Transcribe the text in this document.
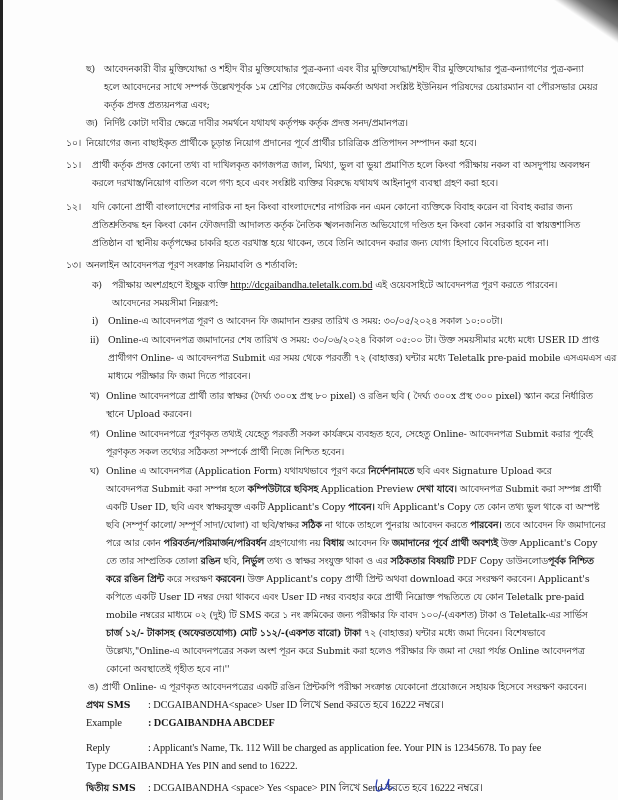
ছ) আবেদনকারী বীর মুক্তিযোদ্ধা ও শহীদ বীর মুক্তিযোদ্ধার পুত্র-কন্যা এবং বীর মুক্তিযোদ্ধা/শহীদ বীর মুক্তিযোদ্ধার পুত্র-কন্যাগণের পুত্র-কন্যা
হলে আবেদনের সাথে সম্পর্ক উল্লেখপূর্বক ১ম শ্রেণির গেজেটেড কর্মকর্তা অথবা সংশ্লিষ্ট ইউনিয়ন পরিষদের চেয়ারম্যান বা পৌরসভার মেয়র
কর্তৃক প্রদত্ত প্রত্যয়নপত্র এবং;
জ) নির্দিষ্ট কোটা দাবীর ক্ষেত্রে দাবীর সমর্থনে যথাযথ কর্তৃপক্ষ কর্তৃক প্রদত্ত সনদ/প্রমানপত্র।
১০। নিয়োগের জন্য বাছাইকৃত প্রার্থীকে চূড়ান্ত নিয়োগ প্রদানের পূর্বে প্রার্থীর চারিত্রিক প্রতিপাদন সম্পাদন করা হবে।
১১। প্রার্থী কর্তৃক প্রদত্ত কোনো তথ্য বা দাখিলকৃত কাগজপত্র জাল, মিথ্যা, ভুল বা ভুয়া প্রমাণিত হলে কিংবা পরীক্ষায় নকল বা অসদুপায় অবলম্বন
করলে দরখাস্ত/নিয়োগ বাতিল বলে গণ্য হবে এবং সংশ্লিষ্ট ব্যক্তির বিরুদ্ধে যথাযথ আইনানুগ ব্যবস্থা গ্রহণ করা হবে।
১২। যদি কোনো প্রার্থী বাংলাদেশের নাগরিক না হন কিংবা বাংলাদেশের নাগরিক নন এমন কোনো ব্যক্তিকে বিবাহ করেন বা বিবাহ করার জন্য
প্রতিশ্রুতিবদ্ধ হন কিংবা কোন ফৌজদারী আদালত কর্তৃক নৈতিক স্খলনজনিত অভিযোগে দণ্ডিত হন কিংবা কোন সরকারি বা স্বায়ত্তশাসিত
প্রতিষ্ঠান বা স্থানীয় কর্তৃপক্ষের চাকরি হতে বরখাস্ত হয়ে থাকেন, তবে তিনি আবেদন করার জন্য যোগ্য হিসাবে বিবেচিত হবেন না।
১৩। অনলাইন আবেদনপত্র পূরণ সংক্রান্ত নিয়মাবলি ও শর্তাবলি:
ক) পরীক্ষায় অংশগ্রহণে ইচ্ছুক ব্যক্তি http://dcgaibandha.teletalk.com.bd এই ওয়েবসাইটে আবেদনপত্র পূরণ করতে পারবেন।
আবেদনের সময়সীমা নিম্নরূপ:
i) Online-এ আবেদনপত্র পূরণ ও আবেদন ফি জমাদান শুরুর তারিখ ও সময়: ৩০/০৫/২০২৪ সকাল ১০:০০টা।
ii) Online-এ আবেদনপত্র জমাদানের শেষ তারিখ ও সময়: ৩০/০৬/২০২৪ বিকাল ০৫:০০ টা। উক্ত সময়সীমার মধ্যে মধ্যে USER ID প্রাপ্ত
প্রার্থীগণ Online- এ আবেদনপত্র Submit এর সময় থেকে পরবর্তী ৭২ (বাহাত্তর) ঘন্টার মধ্যে Teletalk pre-paid mobile এসএমএস এর
মাধ্যমে পরীক্ষার ফি জমা দিতে পারবেন।
খ) Online আবেদনপত্রে প্রার্থী তার স্বাক্ষর (দৈর্ঘ্য ৩০০x প্রস্থ ৮০ pixel) ও রঙিন ছবি ( দৈর্ঘ্য ৩০০x প্রস্থ ৩০০ pixel) স্ক্যান করে নির্ধারিত
স্থানে Upload করবেন।
গ) Online আবেদনপত্রে পূরণকৃত তথ্যই যেহেতু পরবর্তী সকল কার্যক্রমে ব্যবহৃত হবে, সেহেতু Online- আবেদনপত্র Submit করার পূর্বেই
পূরণকৃত সকল তথ্যের সঠিকতা সম্পর্কে প্রার্থী নিজে নিশ্চিত হবেন।
ঘ) Online এ আবেদনপত্র (Application Form) যথাযথভাবে পূরণ করে নির্দেশনামতে ছবি এবং Signature Upload করে
আবেদনপত্র Submit করা সম্পন্ন হলে কম্পিউটারে ছবিসহ Application Preview দেখা যাবে। আবেদনপত্র Submit করা সম্পন্ন প্রার্থী
একটি User ID, ছবি এবং স্বাক্ষরযুক্ত একটি Applicant's Copy পাবেন। যদি Applicant's Copy তে কোন তথ্য ভুল থাকে বা অস্পষ্ট
ছবি (সম্পূর্ণ কালো/ সম্পূর্ণ সাদা/ঘোলা) বা ছবি/স্বাক্ষর সঠিক না থাকে তাহলে পুনরায় আবেদন করতে পারবেন। তবে আবেদন ফি জমাদানের
পরে আর কোন পরিবর্তন/পরিমার্জন/পরিবর্ধন গ্রহণযোগ্য নয় বিধায় আবেদন ফি জমাদানের পূর্বে প্রার্থী অবশ্যই উক্ত Applicant's Copy
তে তার সাম্প্রতিক তোলা রঙিন ছবি, নির্ভুল তথ্য ও স্বাক্ষর সংযুক্ত থাকা ও এর সঠিকতার বিষয়টি PDF Copy ডাউনলোডপূর্বক নিশ্চিত
করে রঙিন প্রিন্ট করে সংরক্ষণ করবেন। উক্ত Applicant's copy প্রার্থী প্রিন্ট অথবা download করে সংরক্ষণ করবেন। Applicant's
কপিতে একটি User ID নম্বর দেয়া থাকবে এবং User ID নম্বর ব্যবহার করে প্রার্থী নিম্নোক্ত পদ্ধতিতে যে কোন Teletalk pre-paid
mobile নম্বরের মাধ্যমে ০২ (দুই) টি SMS করে ১ নং ক্রমিকের জন্য পরীক্ষার ফি বাবদ ১০০/-(একশত) টাকা ও Teletalk-এর সার্ভিস
চার্জ ১২/- টাকাসহ (অফেরতযোগ্য) মোট ১১২/-(একশত বারো) টাকা ৭২ (বাহাত্তর) ঘন্টার মধ্যে জমা দিবেন। বিশেষভাবে
উল্লেখ্য,"Online-এ আবেদনপত্রের সকল অংশ পূরন করে Submit করা হলেও পরীক্ষার ফি জমা না দেয়া পর্যন্ত Online আবেদনপত্র
কোনো অবস্থাতেই গৃহীত হবে না।''
ঙ) প্রার্থী Online- এ পূরণকৃত আবেদনপত্রের একটি রঙিন প্রিন্টকপি পরীক্ষা সংক্রান্ত যেকোনো প্রয়োজনে সহায়ক হিসেবে সংরক্ষণ করবেন।
প্রথম SMS : DCGAIBANDHA<space> User ID লিখে Send করতে হবে 16222 নম্বরে।
Example	: DCGAIBANDHA ABCDEF
Reply	: Applicant's Name, Tk. 112 Will be charged as application fee. Your PIN is 12345678. To pay fee
Type DCGAIBANDHA Yes PIN and send to 16222.
দ্বিতীয় SMS : DCGAIBANDHA <space> Yes <space> PIN লিখে Send করতে হবে 16222 নম্বরে।
